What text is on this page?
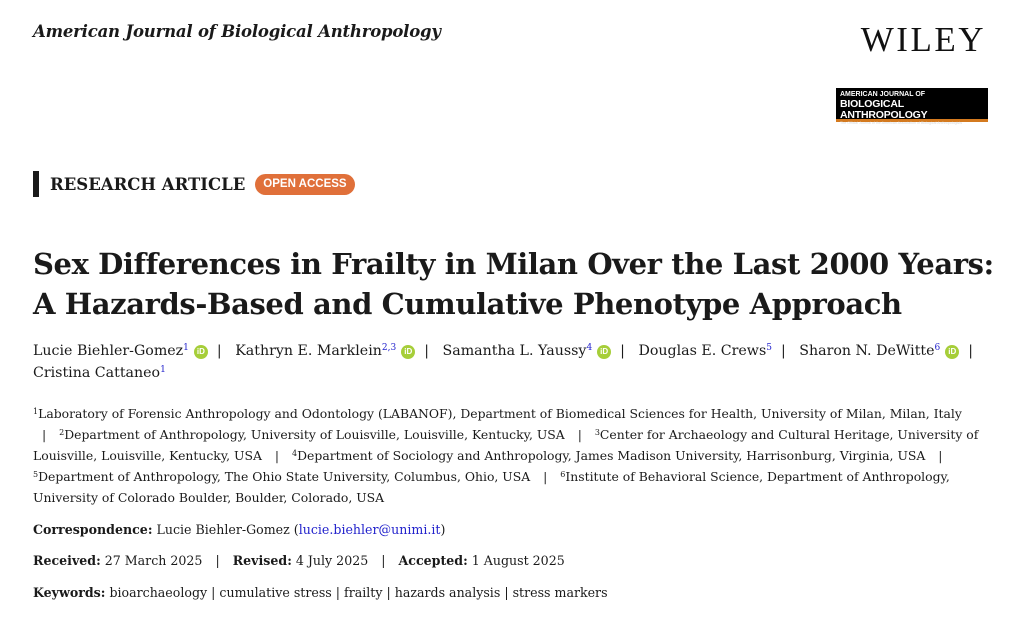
American Journal of Biological Anthropology	WILEY
AMERICAN JOURNAL OF
BIOLOGICAL ANTHROPOLOGY
The Official Journal of the American Association of Biological Anthropologists
RESEARCH ARTICLE	OPEN ACCESS
Sex Differences in Frailty in Milan Over the Last 2000 Years: A Hazards-Based and Cumulative Phenotype Approach
Lucie Biehler-Gomez$^1$ iD | Kathryn E. Marklein$^{2,3}$ iD | Samantha L. Yaussy$^4$ iD | Douglas E. Crews$^5$ | Sharon N. DeWitte$^6$ iD | Cristina Cattaneo$^1$
$^1$Laboratory of Forensic Anthropology and Odontology (LABANOF), Department of Biomedical Sciences for Health, University of Milan, Milan, Italy | $^2$Department of Anthropology, University of Louisville, Louisville, Kentucky, USA | $^3$Center for Archaeology and Cultural Heritage, University of Louisville, Louisville, Kentucky, USA | $^4$Department of Sociology and Anthropology, James Madison University, Harrisonburg, Virginia, USA | $^5$Department of Anthropology, The Ohio State University, Columbus, Ohio, USA | $^6$Institute of Behavioral Science, Department of Anthropology, University of Colorado Boulder, Boulder, Colorado, USA
Correspondence: Lucie Biehler-Gomez (lucie.biehler@unimi.it)
Received: 27 March 2025 | Revised: 4 July 2025 | Accepted: 1 August 2025
Keywords: bioarchaeology | cumulative stress | frailty | hazards analysis | stress markers
